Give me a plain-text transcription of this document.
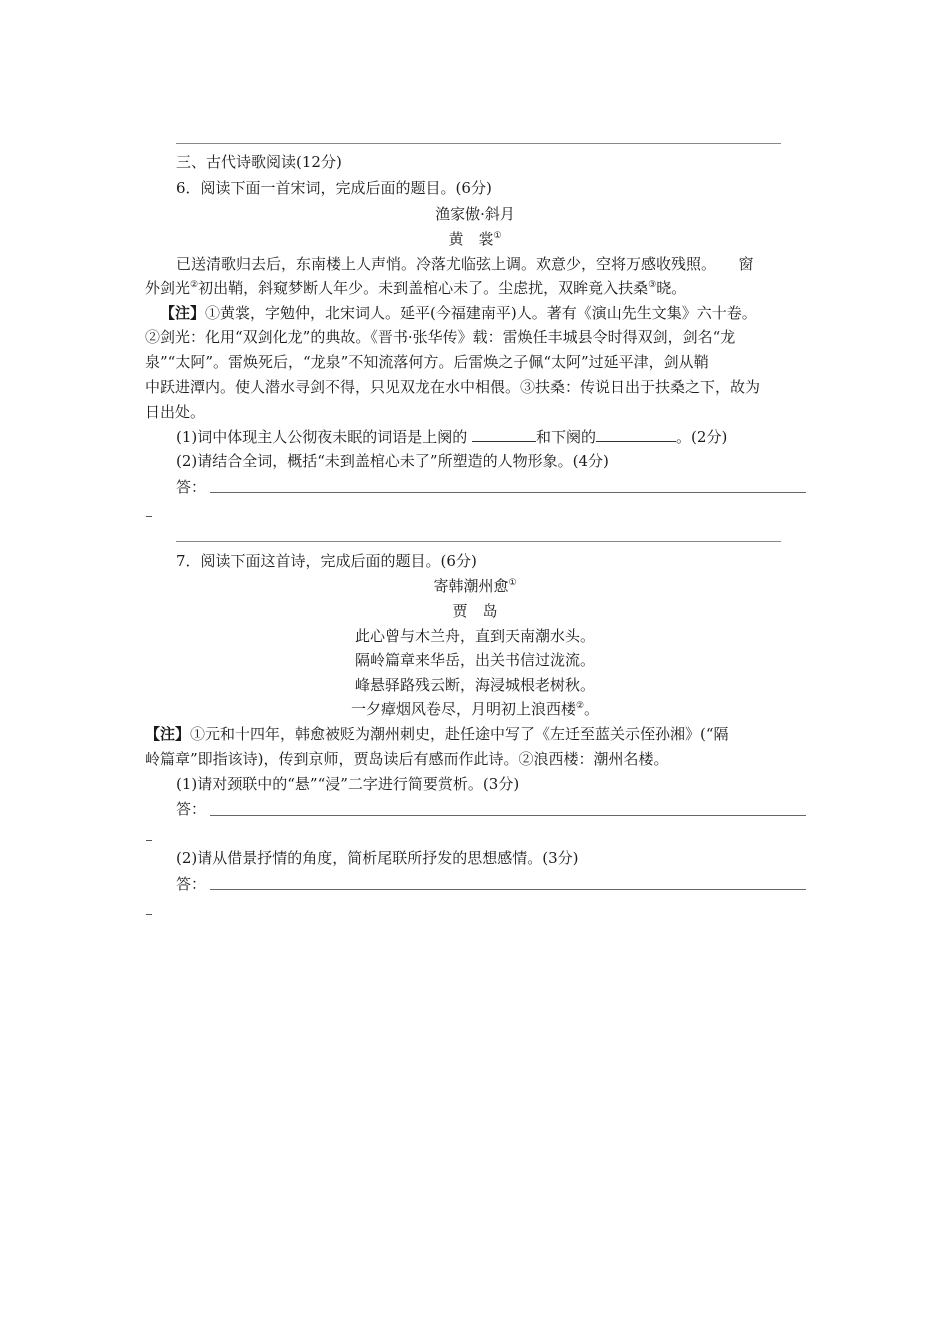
三、古代诗歌阅读(12分)
6．阅读下面一首宋词，完成后面的题目。(6分)
渔家傲·斜月
黄　裳①
已送清歌归去后，东南楼上人声悄。冷落尤临弦上调。欢意少，空将万感收残照。　　窗
外剑光②初出鞘，斜窥梦断人年少。未到盖棺心未了。尘虑扰，双眸竟入扶桑③晓。
【注】①黄裳，字勉仲，北宋词人。延平(今福建南平)人。著有《演山先生文集》六十卷。
②剑光：化用“双剑化龙”的典故。《晋书·张华传》载：雷焕任丰城县令时得双剑，剑名“龙
泉”“太阿”。雷焕死后，“龙泉”不知流落何方。后雷焕之子佩“太阿”过延平津，剑从鞘
中跃进潭内。使人潜水寻剑不得，只见双龙在水中相偎。③扶桑：传说日出于扶桑之下，故为
日出处。
(1)词中体现主人公彻夜未眠的词语是上阕的	和下阕的	。(2分)
(2)请结合全词，概括“未到盖棺心未了”所塑造的人物形象。(4分)
答：
7．阅读下面这首诗，完成后面的题目。(6分)
寄韩潮州愈①
贾　岛
此心曾与木兰舟，直到天南潮水头。
隔岭篇章来华岳，出关书信过泷流。
峰悬驿路残云断，海浸城根老树秋。
一夕瘴烟风卷尽，月明初上浪西楼②。
【注】①元和十四年，韩愈被贬为潮州刺史，赴任途中写了《左迁至蓝关示侄孙湘》(“隔
岭篇章”即指该诗)，传到京师，贾岛读后有感而作此诗。②浪西楼：潮州名楼。
(1)请对颈联中的“悬”“浸”二字进行简要赏析。(3分)
答：
(2)请从借景抒情的角度，简析尾联所抒发的思想感情。(3分)
答：
